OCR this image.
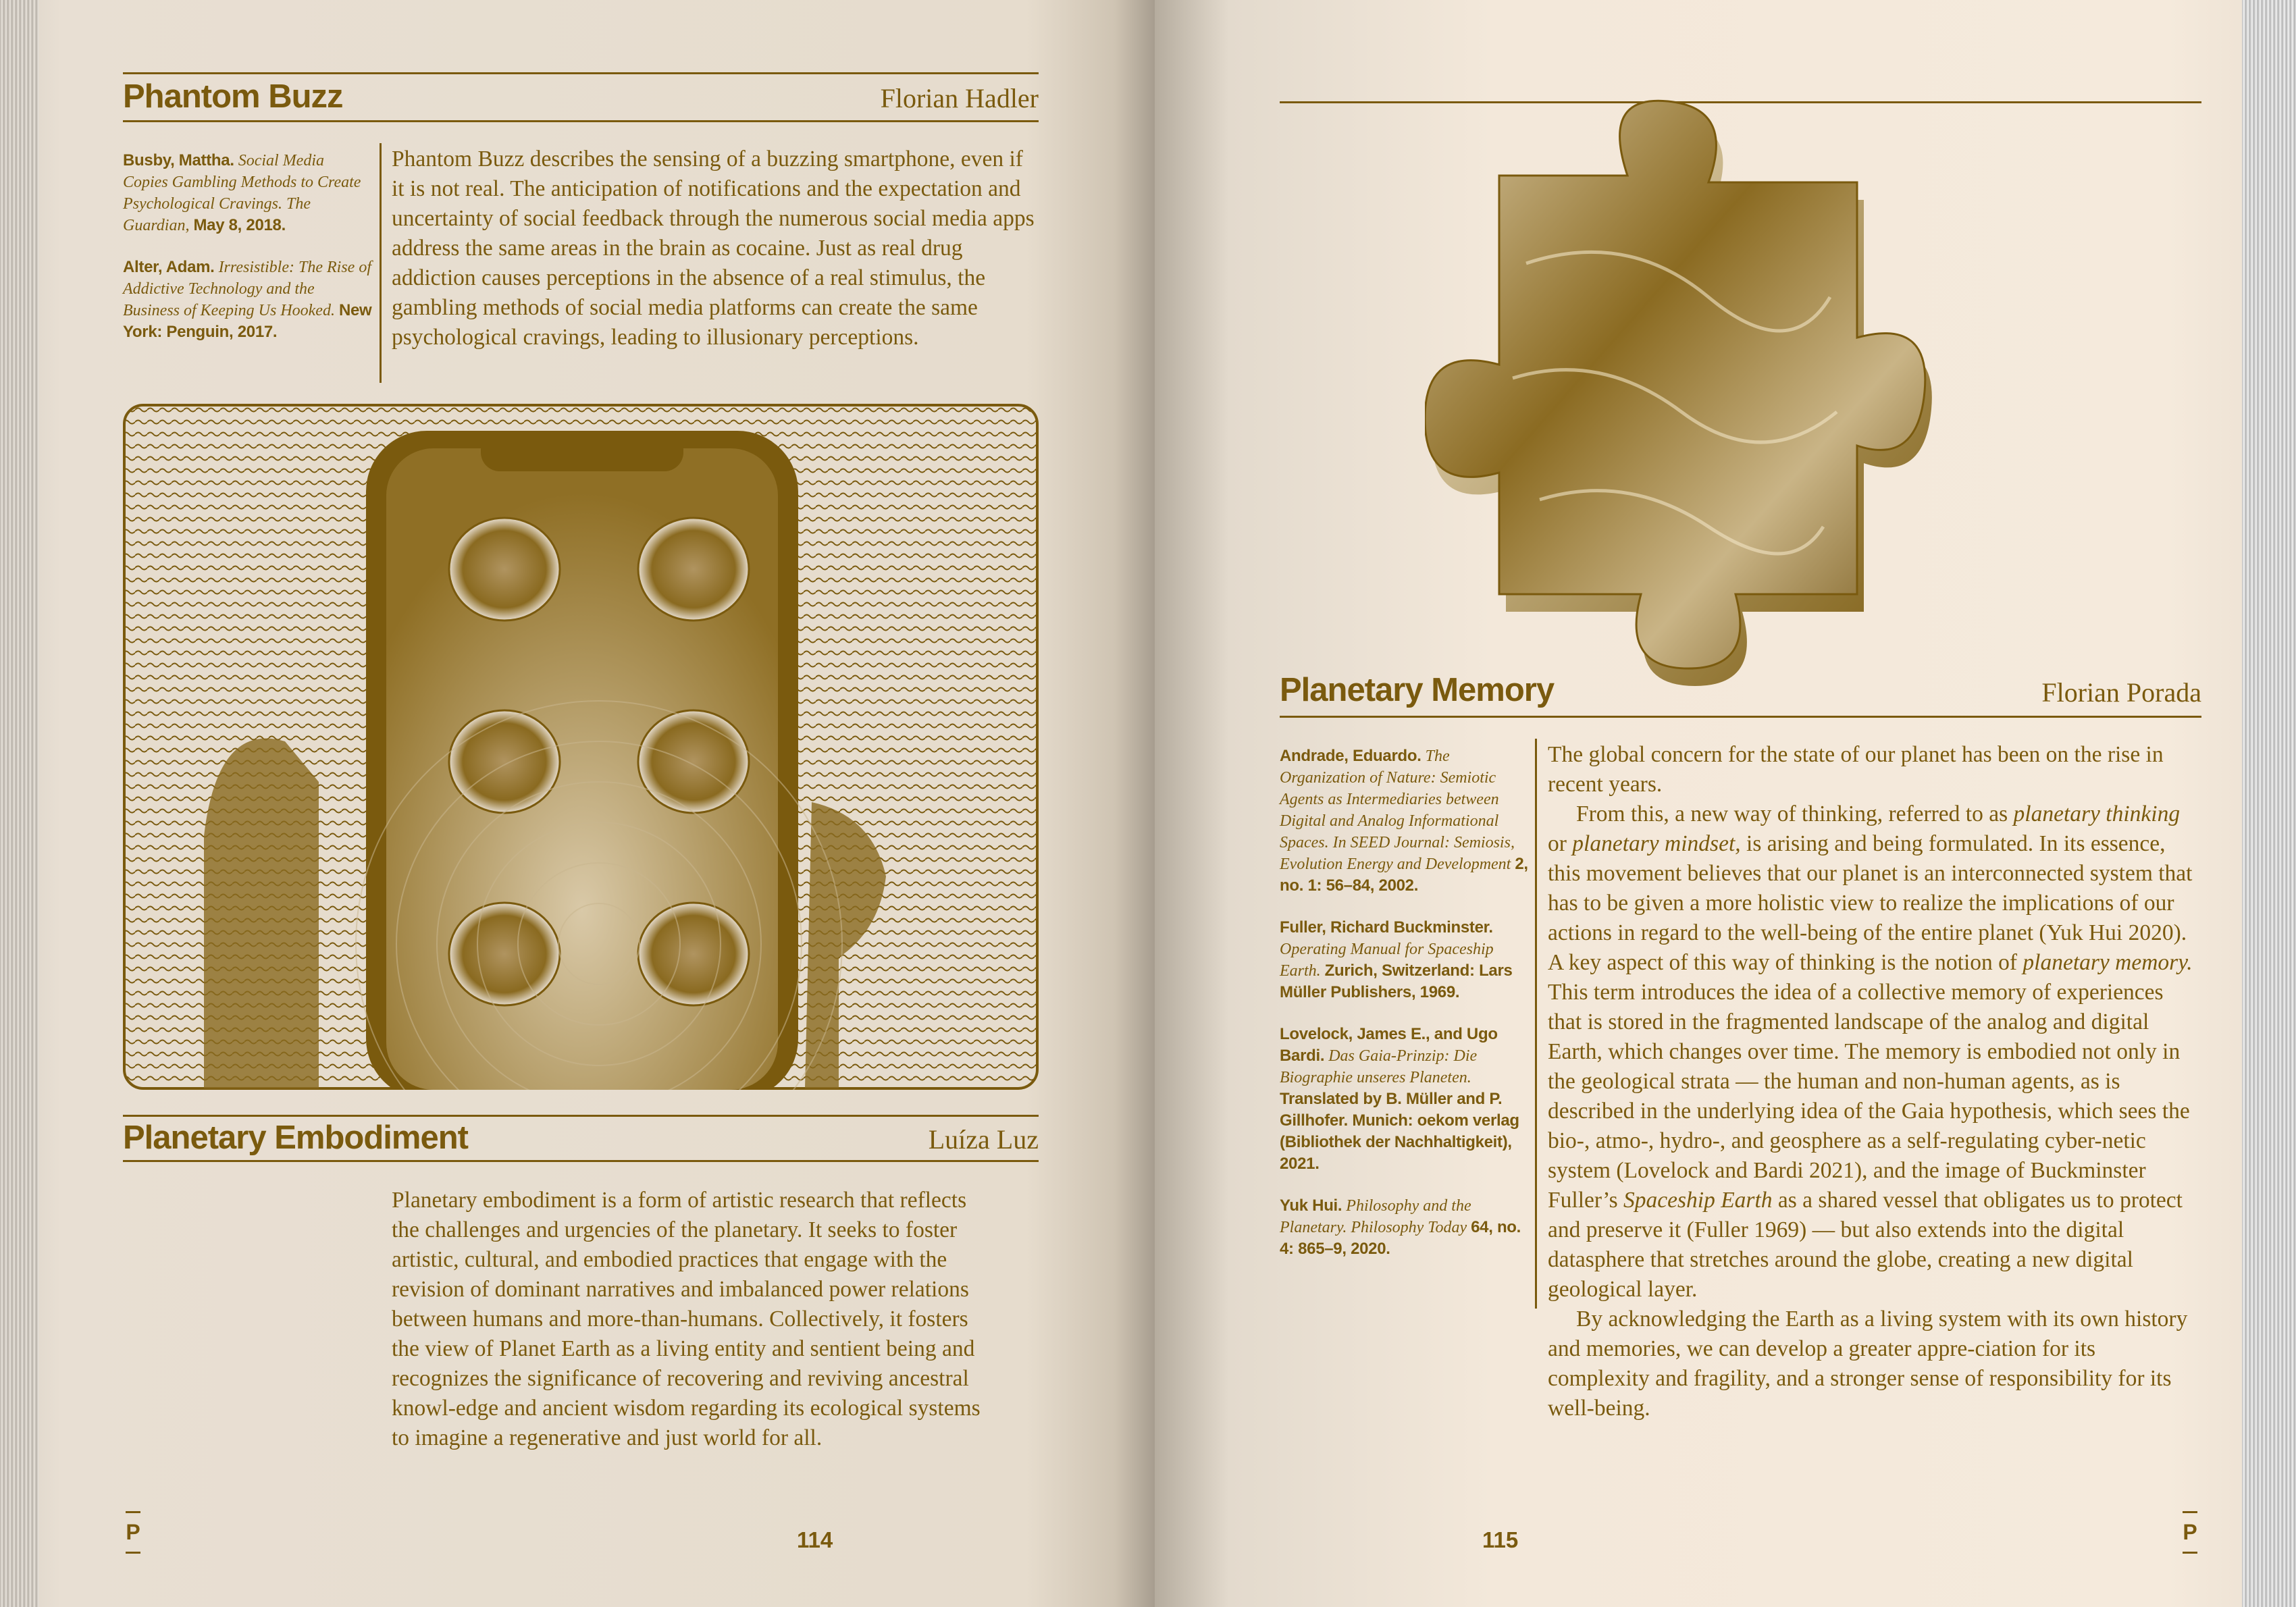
Phantom Buzz	Florian Hadler
Busby, Mattha. Social Media Copies Gambling Methods to Create Psychological Cravings. The Guardian, May 8, 2018.
Alter, Adam. Irresistible: The Rise of Addictive Technology and the Business of Keeping Us Hooked. New York: Penguin, 2017.
Phantom Buzz describes the sensing of a buzzing smartphone, even if it is not real. The anticipation of notifications and the expectation and uncertainty of social feedback through the numerous social media apps address the same areas in the brain as cocaine. Just as real drug addiction causes perceptions in the absence of a real stimulus, the gambling methods of social media platforms can create the same psychological cravings, leading to illusionary perceptions.
Planetary Embodiment	Luíza Luz
Planetary embodiment is a form of artistic research that reflects the challenges and urgencies of the planetary. It seeks to foster artistic, cultural, and embodied practices that engage with the revision of dominant narratives and imbalanced power relations between humans and more-than-humans. Collectively, it fosters the view of Planet Earth as a living entity and sentient being and recognizes the significance of recovering and reviving ancestral knowl-edge and ancient wisdom regarding its ecological systems to imagine a regenerative and just world for all.
P	114
Planetary Memory	Florian Porada
Andrade, Eduardo. The Organization of Nature: Semiotic Agents as Intermediaries between Digital and Analog Informational Spaces. In SEED Journal: Semiosis, Evolution Energy and Development 2, no. 1: 56–84, 2002.
Fuller, Richard Buckminster. Operating Manual for Spaceship Earth. Zurich, Switzerland: Lars Müller Publishers, 1969.
Lovelock, James E., and Ugo Bardi. Das Gaia-Prinzip: Die Biographie unseres Planeten. Translated by B. Müller and P. Gillhofer. Munich: oekom verlag (Bibliothek der Nachhaltigkeit), 2021.
Yuk Hui. Philosophy and the Planetary. Philosophy Today 64, no. 4: 865–9, 2020.

The global concern for the state of our planet has been on the rise in recent years.

From this, a new way of thinking, referred to as planetary thinking or planetary mindset, is arising and being formulated. In its essence, this movement believes that our planet is an interconnected system that has to be given a more holistic view to realize the implications of our actions in regard to the well-being of the entire planet (Yuk Hui 2020). A key aspect of this way of thinking is the notion of planetary memory. This term introduces the idea of a collective memory of experiences that is stored in the fragmented landscape of the analog and digital Earth, which changes over time. The memory is embodied not only in the geological strata — the human and non-human agents, as is described in the underlying idea of the Gaia hypothesis, which sees the bio-, atmo-, hydro-, and geosphere as a self-regulating cyber-netic system (Lovelock and Bardi 2021), and the image of Buckminster Fuller’s Spaceship Earth as a shared vessel that obligates us to protect and preserve it (Fuller 1969) — but also extends into the digital datasphere that stretches around the globe, creating a new digital geological layer.

By acknowledging the Earth as a living system with its own history and memories, we can develop a greater appre-ciation for its complexity and fragility, and a stronger sense of responsibility for its well-being.

115	P
